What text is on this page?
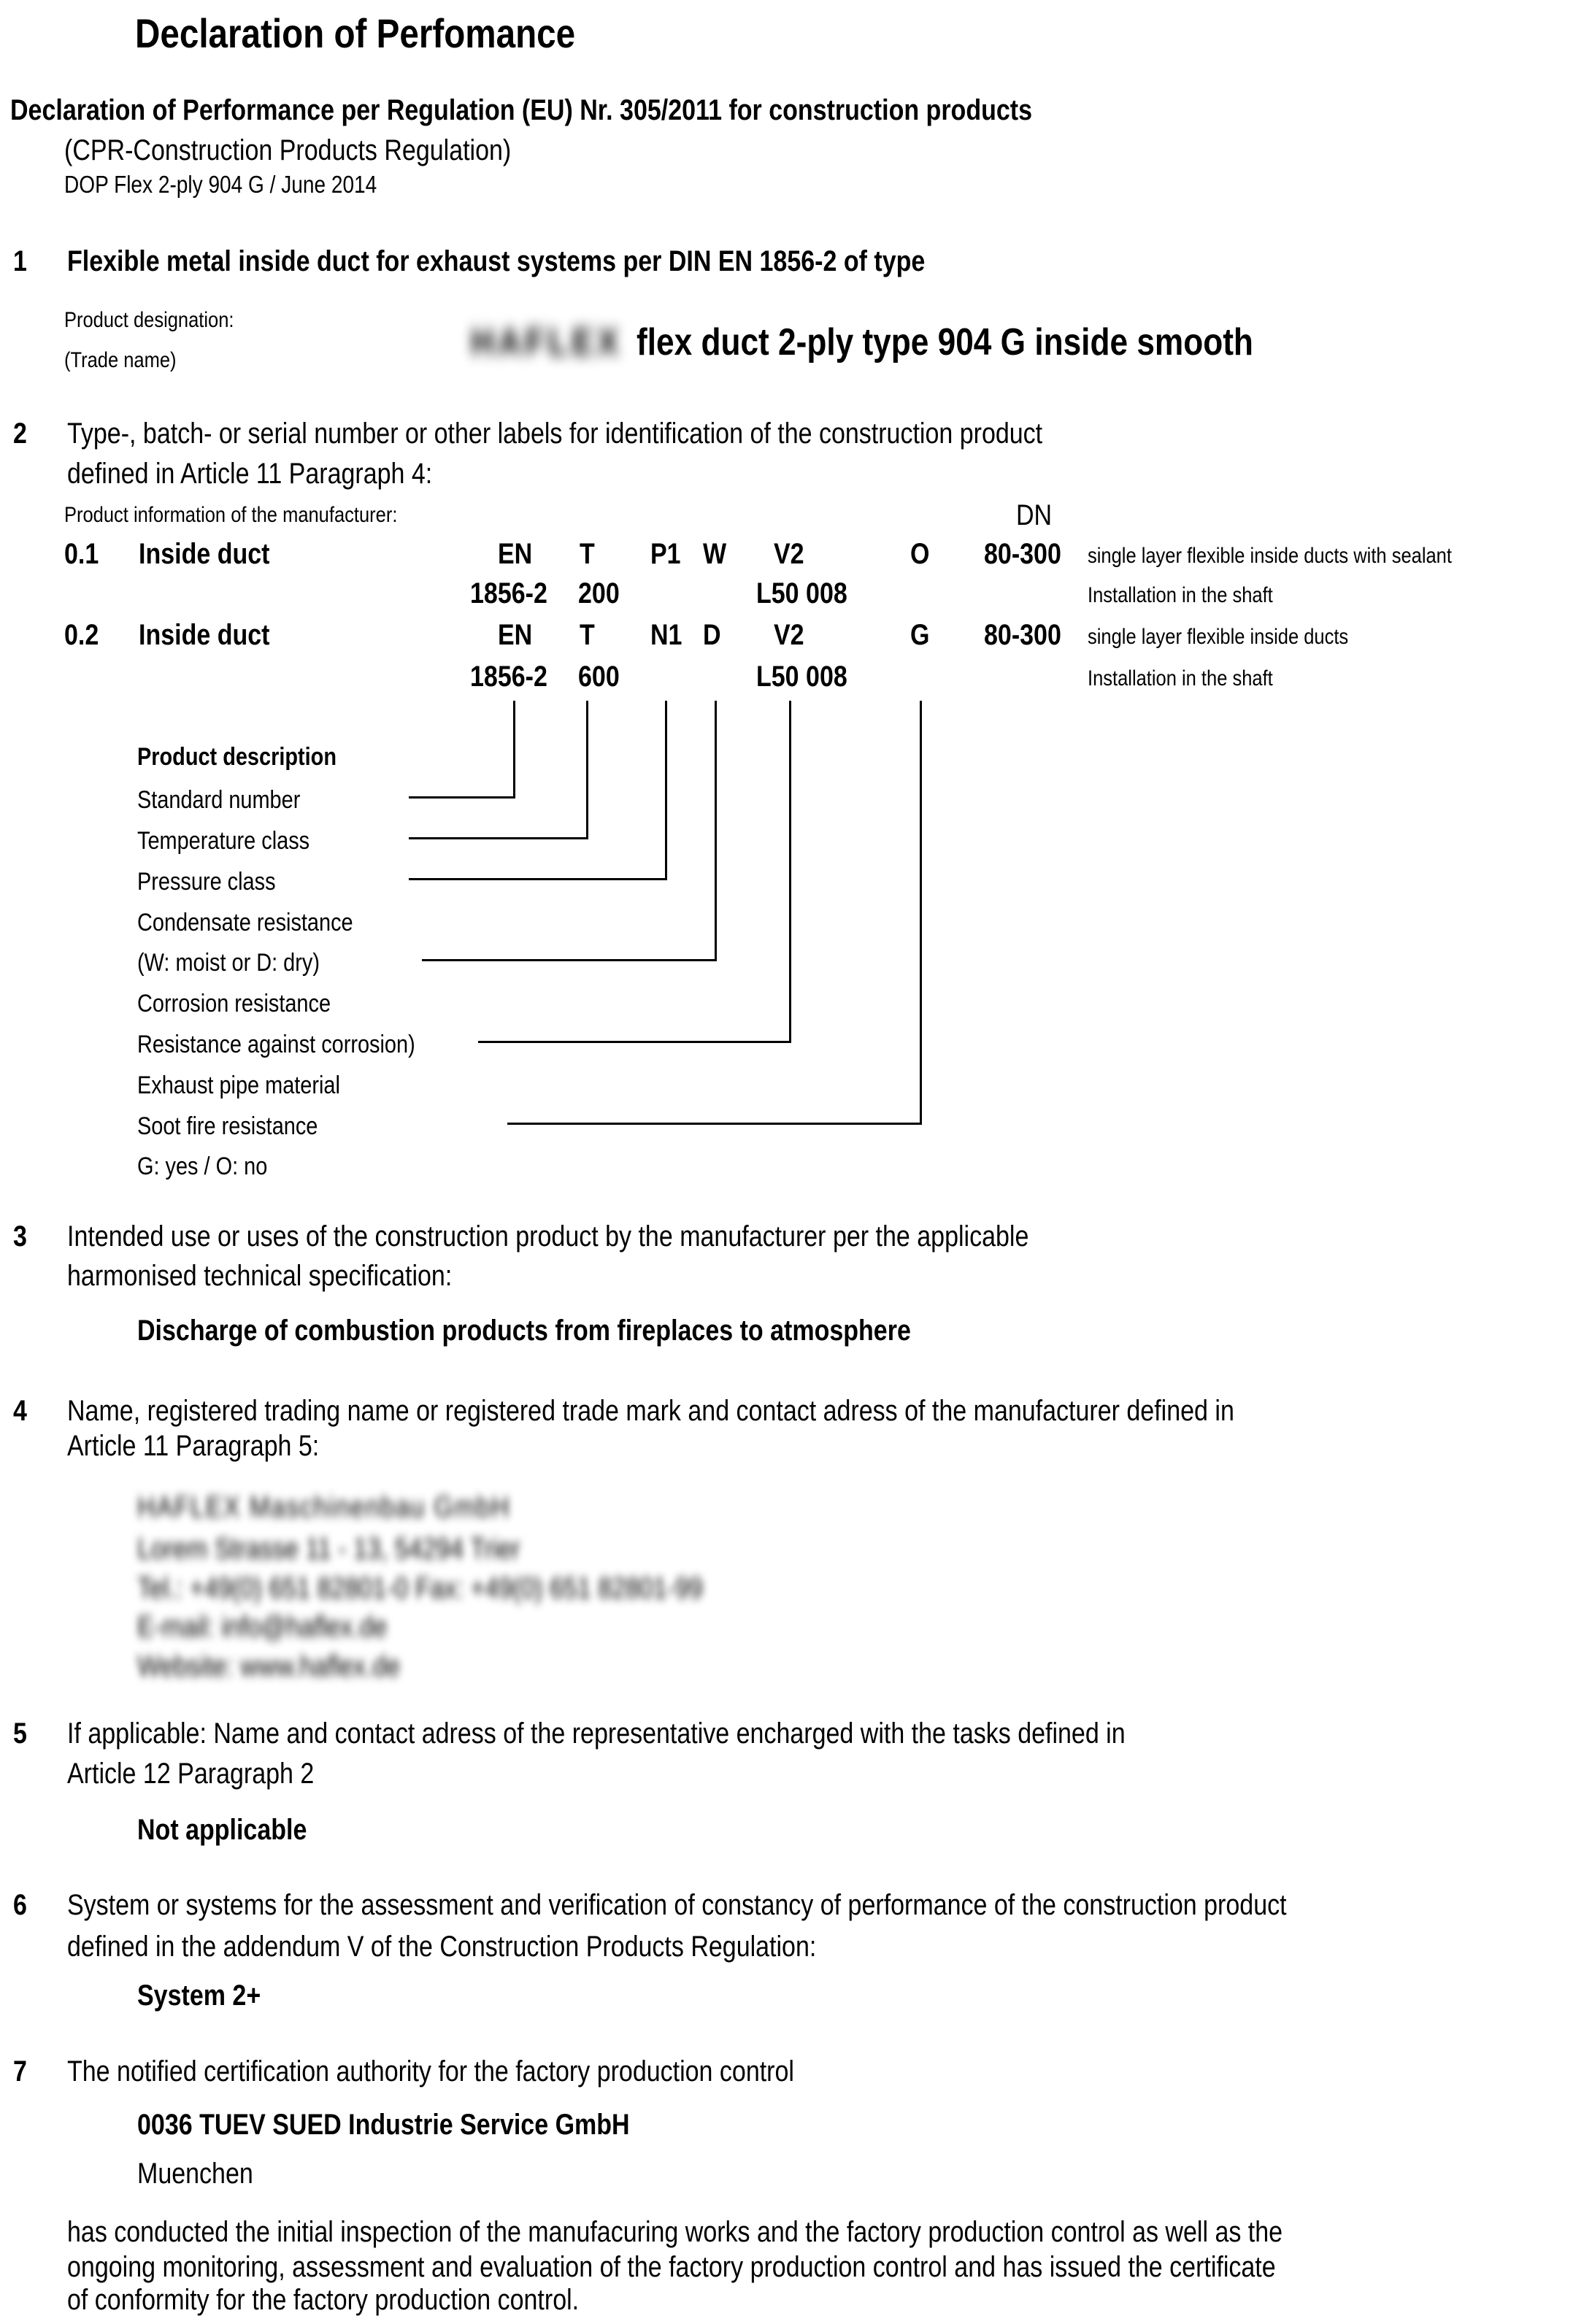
Declaration of Perfomance
Declaration of Performance per Regulation (EU) Nr. 305/2011 for construction products
(CPR-Construction Products Regulation)
DOP Flex 2-ply 904 G / June 2014
1 Flexible metal inside duct for exhaust systems per DIN EN 1856-2 of type
Product designation:
HAFLEX flex duct 2-ply type 904 G inside smooth
(Trade name)
2 Type-, batch- or serial number or other labels for identification of the construction product
defined in Article 11 Paragraph 4:
Product information of the manufacturer:	DN
0.1 Inside duct	EN T P1 W V2	O 80-300 single layer flexible inside ducts with sealant
1856-2 200	L50 008	Installation in the shaft
0.2 Inside duct	EN T N1 D V2	G 80-300 single layer flexible inside ducts
1856-2 600	L50 008	Installation in the shaft
Product description
Standard number
Temperature class
Pressure class
Condensate resistance
(W: moist or D: dry)
Corrosion resistance
Resistance against corrosion)
Exhaust pipe material
Soot fire resistance
G: yes / O: no
3 Intended use or uses of the construction product by the manufacturer per the applicable
harmonised technical specification:
Discharge of combustion products from fireplaces to atmosphere
4 Name, registered trading name or registered trade mark and contact adress of the manufacturer defined in
Article 11 Paragraph 5:
HAFLEX Maschinenbau GmbH
Lorem Strasse 11 - 13, 54294 Trier
Tel.: +49(0) 651 82801-0 Fax: +49(0) 651 82801-99
E-mail: info@haflex.de
Website: www.haflex.de
5 If applicable: Name and contact adress of the representative encharged with the tasks defined in
Article 12 Paragraph 2
Not applicable
6 System or systems for the assessment and verification of constancy of performance of the construction product
defined in the addendum V of the Construction Products Regulation:
System 2+
7 The notified certification authority for the factory production control
0036 TUEV SUED Industrie Service GmbH
Muenchen
has conducted the initial inspection of the manufacuring works and the factory production control as well as the
ongoing monitoring, assessment and evaluation of the factory production control and has issued the certificate
of conformity for the factory production control.
